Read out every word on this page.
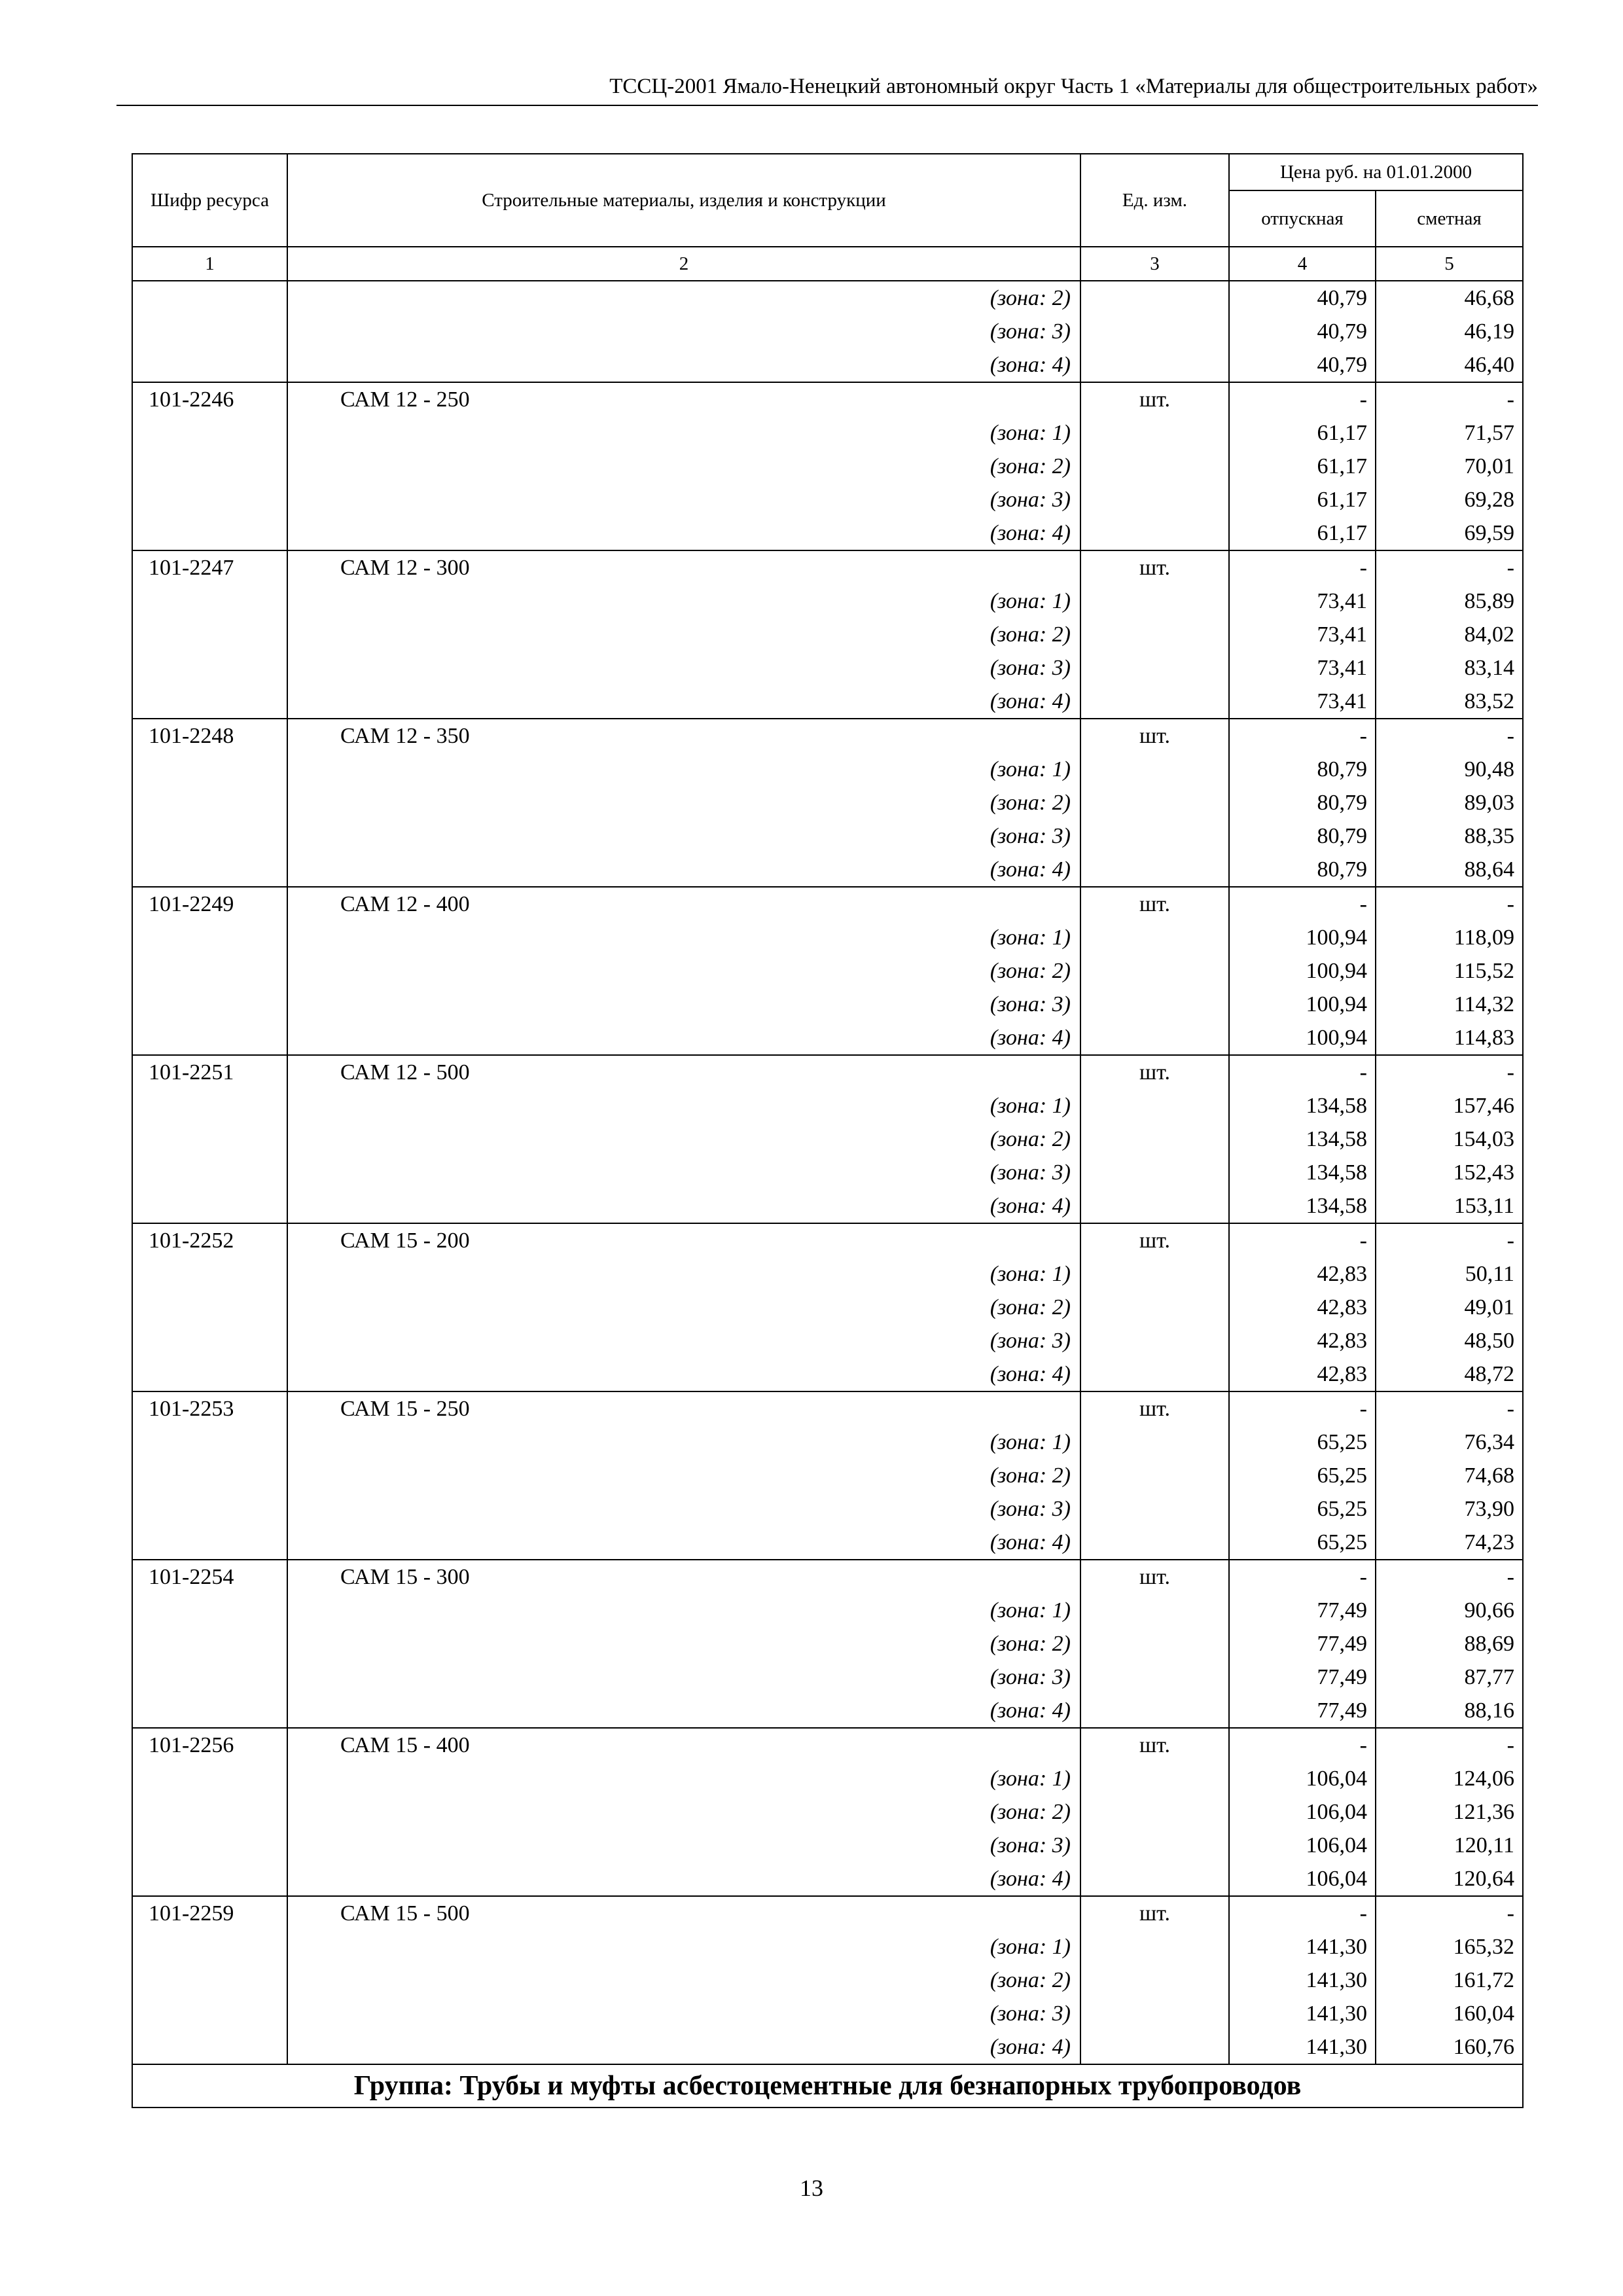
ТССЦ-2001 Ямало-Ненецкий автономный округ Часть 1 «Материалы для общестроительных работ»
Шифр ресурса	Строительные материалы, изделия и конструкции	Ед. изм.	Цена руб. на 01.01.2000	
			отпускная	сметная
1	2	3	4	5
	(зона: 2)		40,79	46,68
	(зона: 3)		40,79	46,19
	(зона: 4)		40,79	46,40
101-2246	САМ 12 - 250	шт.	-	-
	(зона: 1)		61,17	71,57
	(зона: 2)		61,17	70,01
	(зона: 3)		61,17	69,28
	(зона: 4)		61,17	69,59
101-2247	САМ 12 - 300	шт.	-	-
	(зона: 1)		73,41	85,89
	(зона: 2)		73,41	84,02
	(зона: 3)		73,41	83,14
	(зона: 4)		73,41	83,52
101-2248	САМ 12 - 350	шт.	-	-
	(зона: 1)		80,79	90,48
	(зона: 2)		80,79	89,03
	(зона: 3)		80,79	88,35
	(зона: 4)		80,79	88,64
101-2249	САМ 12 - 400	шт.	-	-
	(зона: 1)		100,94	118,09
	(зона: 2)		100,94	115,52
	(зона: 3)		100,94	114,32
	(зона: 4)		100,94	114,83
101-2251	САМ 12 - 500	шт.	-	-
	(зона: 1)		134,58	157,46
	(зона: 2)		134,58	154,03
	(зона: 3)		134,58	152,43
	(зона: 4)		134,58	153,11
101-2252	САМ 15 - 200	шт.	-	-
	(зона: 1)		42,83	50,11
	(зона: 2)		42,83	49,01
	(зона: 3)		42,83	48,50
	(зона: 4)		42,83	48,72
101-2253	САМ 15 - 250	шт.	-	-
	(зона: 1)		65,25	76,34
	(зона: 2)		65,25	74,68
	(зона: 3)		65,25	73,90
	(зона: 4)		65,25	74,23
101-2254	САМ 15 - 300	шт.	-	-
	(зона: 1)		77,49	90,66
	(зона: 2)		77,49	88,69
	(зона: 3)		77,49	87,77
	(зона: 4)		77,49	88,16
101-2256	САМ 15 - 400	шт.	-	-
	(зона: 1)		106,04	124,06
	(зона: 2)		106,04	121,36
	(зона: 3)		106,04	120,11
	(зона: 4)		106,04	120,64
101-2259	САМ 15 - 500	шт.	-	-
	(зона: 1)		141,30	165,32
	(зона: 2)		141,30	161,72
	(зона: 3)		141,30	160,04
	(зона: 4)		141,30	160,76
Группа: Трубы и муфты асбестоцементные для безнапорных трубопроводов				
13
